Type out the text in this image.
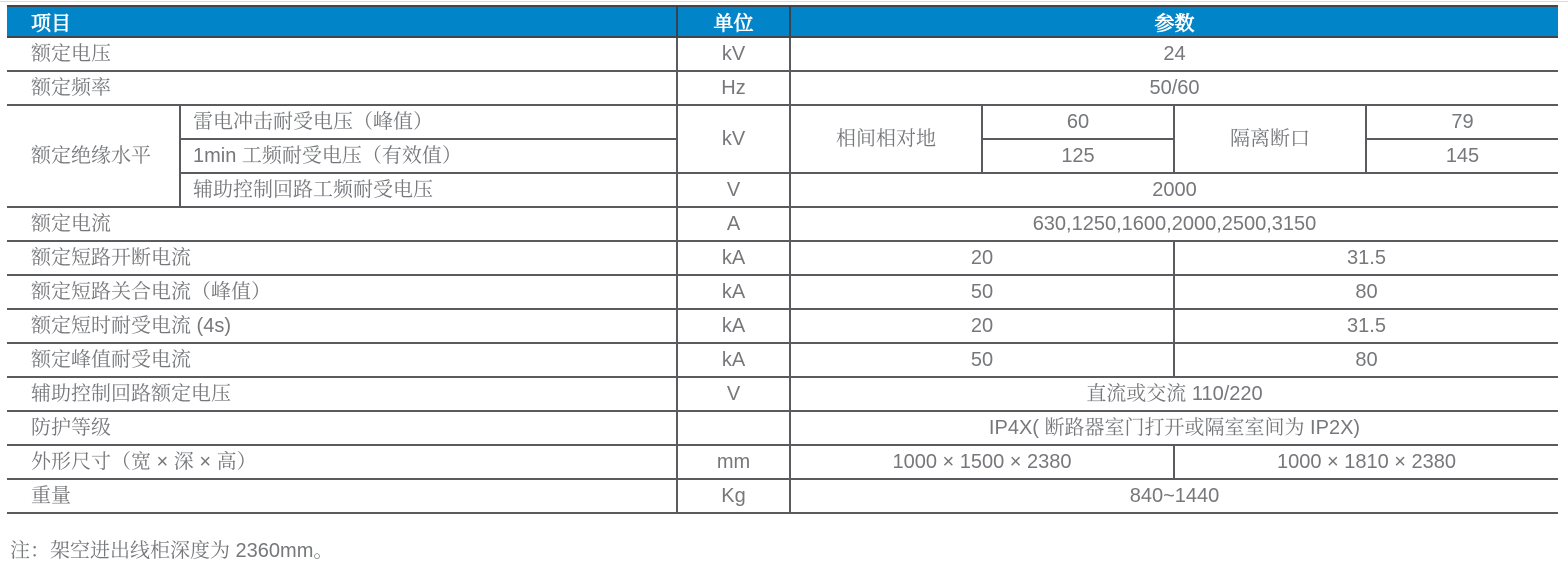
项目		单位	参数			
额定电压		kV	24			
额定频率		Hz	50/60			
额定绝缘水平	雷电冲击耐受电压（峰值）	kV	相间相对地	60	隔离断口	79
	1min 工频耐受电压（有效值）			125		145
	辅助控制回路工频耐受电压	V	2000			
额定电流		A	630,1250,1600,2000,2500,3150			
额定短路开断电流		kA	20		31.5	
额定短路关合电流（峰值）		kA	50		80	
额定短时耐受电流 (4s)		kA	20		31.5	
额定峰值耐受电流		kA	50		80	
辅助控制回路额定电压		V	直流或交流 110/220			
防护等级			IP4X( 断路器室门打开或隔室室间为 IP2X)			
外形尺寸（宽 × 深 × 高）		mm	1000 × 1500 × 2380		1000 × 1810 × 2380	
重量		Kg	840~1440			
注：架空进出线柜深度为 2360mm。
